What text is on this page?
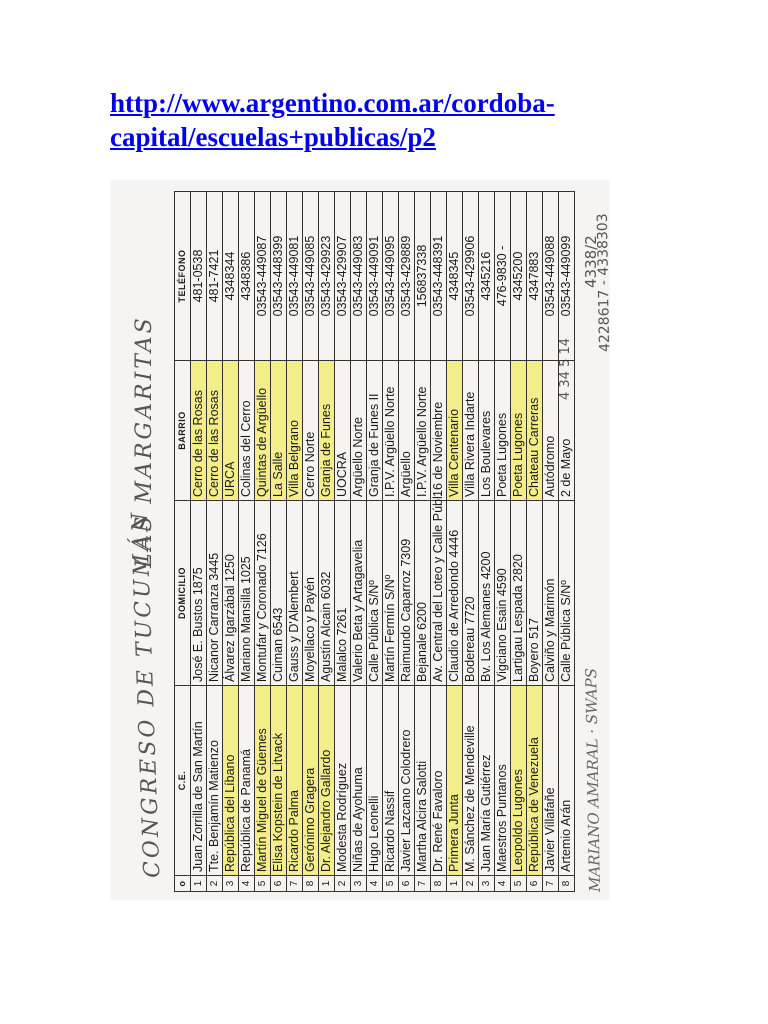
http://www.argentino.com.ar/cordoba-capital/escuelas+publicas/p2
CONGRESO DE TUCUMÁN
LAS MARGARITAS
4338/2
4 34 5 14
4228617 - 4338303
MARIANO AMARAL · SWAPS
o	C.E.	DOMICILIO	BARRIO	TELÉFONO
1	Juan Zorrilla de San Martín	José E. Bustos 1875	Cerro de las Rosas	481-0538
2	Tte. Benjamín Matienzo	Nicanor Carranza 3445	Cerro de las Rosas	481-7421
3	República del Líbano	Álvarez Igarzábal 1250	URCA	4348344
4	República de Panamá	Mariano Mansilla 1025	Colinas del Cerro	4348386
5	Martín Miguel de Güemes	Montufar y Coronado 7126	Quintas de Argüello	03543-449087
6	Elisa Kopstein de Litvack	Cuiman 6543	La Salle	03543-448399
7	Ricardo Palma	Gauss y D'Alembert	Villa Belgrano	03543-449081
8	Gerónimo Gragera	Moyellaco y Payén	Cerro Norte	03543-449085
1	Dr. Alejandro Gallardo	Agustín Alcain 6032	Granja de Funes	03543-429923
2	Modesta Rodríguez	Malalco 7261	UOCRA	03543-429907
3	Niñas de Ayohuma	Valerio Beta y Artagavelia	Argüello Norte	03543-449083
4	Hugo Leonelli	Calle Pública S/Nº	Granja de Funes II	03543-449091
5	Ricardo Nassif	Martín Fermín S/Nº	I.P.V. Argüello Norte	03543-449095
6	Javier Lazcano Colodrero	Raimundo Caparroz 7309	Argüello	03543-429889
7	Martha Alcira Salotti	Bejanale 6200	I.P.V. Argüello Norte	156837338
8	Dr. René Favaloro	Av. Central del Loteo y Calle Públ.	16 de Noviembre	03543-448391
1	Primera Junta	Claudio de Arredondo 4446	Villa Centenario	4348345
2	M. Sánchez de Mendeville	Bodereau 7720	Villa Rivera Indarte	03543-429906
3	Juan María Gutiérrez	Bv. Los Alemanes 4200	Los Boulevares	4345216
4	Maestros Puntanos	Vigciano Esain 4590	Poeta Lugones	476-9830 -
5	Leopoldo Lugones	Lartigau Lespada 2820	Poeta Lugones	4345200
6	República de Venezuela	Boyero 517	Chateau Carreras	4347883
7	Javier Villafañe	Calviño y Marimón	Autódromo	03543-449088
8	Artemio Arán	Calle Pública S/Nº	2 de Mayo	03543-449099
